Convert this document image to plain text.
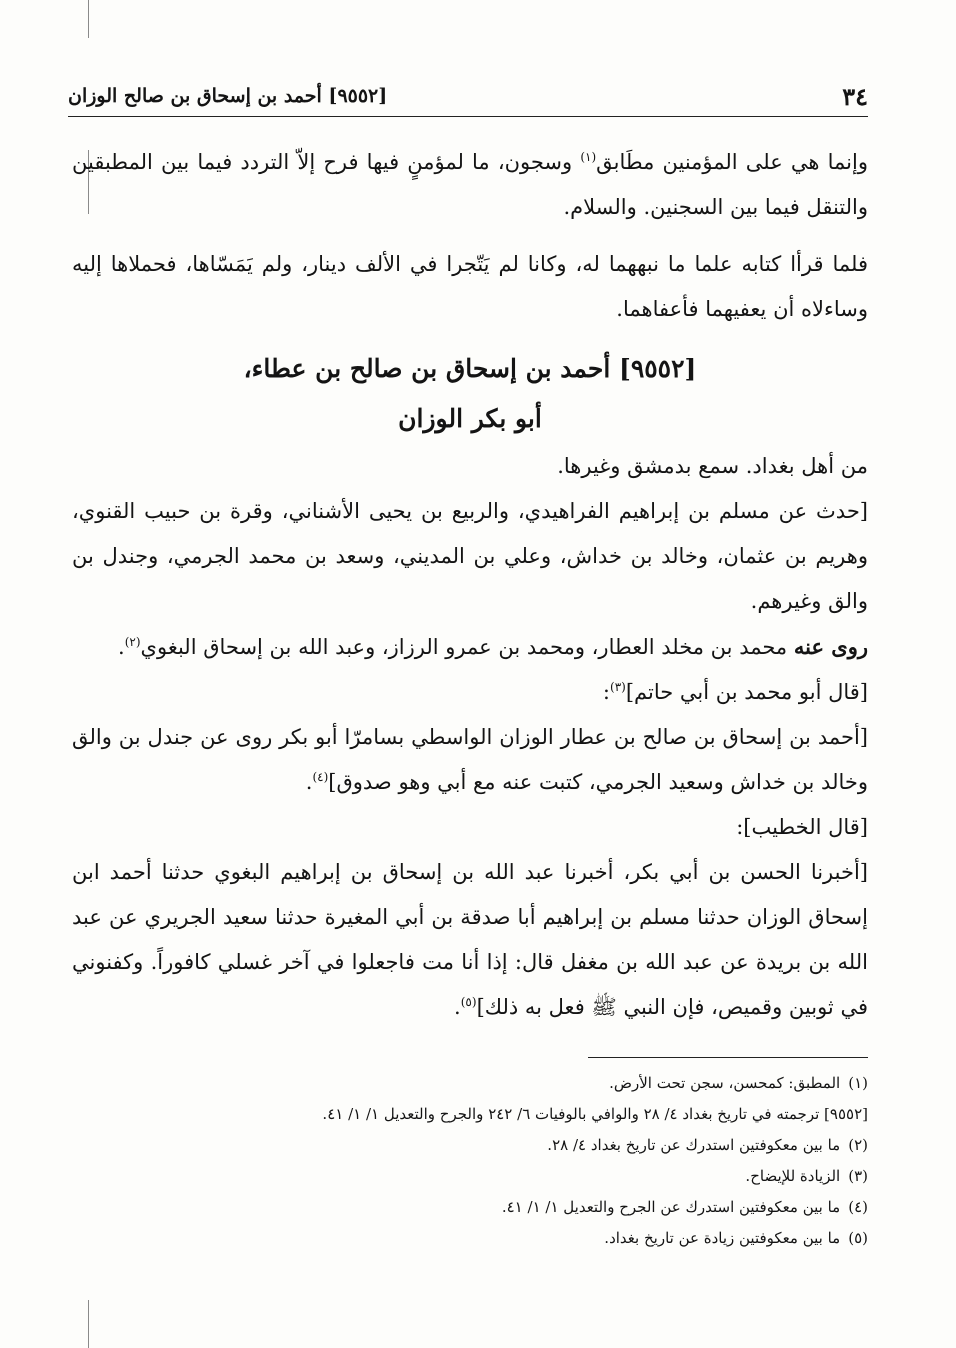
٣٤
[٩٥٥٢] أحمد بن إسحاق بن صالح الوزان

وإنما هي على المؤمنين مطَابق$^{(١)}$ وسجون، ما لمؤمنٍ فيها فرح إلاّ التردد فيما بين المطبقين والتنقل فيما بين السجنين. والسلام.

فلما قرأا كتابه علما ما نبههما له، وكانا لم يَتّجرا في الألف دينار، ولم يَمَسّاها، فحملاها إليه وساءلاه أن يعفيهما فأعفاهما.

[٩٥٥٢] أحمد بن إسحاق بن صالح بن عطاء،

أبو بكر الوزان

من أهل بغداد. سمع بدمشق وغيرها.

[حدث عن مسلم بن إبراهيم الفراهيدي، والربيع بن يحيى الأشناني، وقرة بن حبيب القنوي، وهريم بن عثمان، وخالد بن خداش، وعلي بن المديني، وسعد بن محمد الجرمي، وجندل بن والق وغيرهم.

روى عنه محمد بن مخلد العطار، ومحمد بن عمرو الرزاز، وعبد الله بن إسحاق البغوي$^{(٢)}$.

[قال أبو محمد بن أبي حاتم]$^{(٣)}$:

[أحمد بن إسحاق بن صالح بن عطار الوزان الواسطي بسامرّا أبو بكر روى عن جندل بن والق وخالد بن خداش وسعيد الجرمي، كتبت عنه مع أبي وهو صدوق]$^{(٤)}$.

[قال الخطيب]:

[أخبرنا الحسن بن أبي بكر، أخبرنا عبد الله بن إسحاق بن إبراهيم البغوي حدثنا أحمد ابن إسحاق الوزان حدثنا مسلم بن إبراهيم أبا صدقة بن أبي المغيرة حدثنا سعيد الجريري عن عبد الله بن بريدة عن عبد الله بن مغفل قال: إذا أنا مت فاجعلوا في آخر غسلي كافوراً. وكفنوني في ثوبين وقميص، فإن النبي ﷺ فعل به ذلك]$^{(٥)}$.

(١)المطبق: كمحسن، سجن تحت الأرض.

[٩٥٥٢] ترجمته في تاريخ بغداد ٤/ ٢٨ والوافي بالوفيات ٦/ ٢٤٢ والجرح والتعديل ١/ ١/ ٤١.

(٢)ما بين معكوفتين استدرك عن تاريخ بغداد ٤/ ٢٨.

(٣)الزيادة للإيضاح.

(٤)ما بين معكوفتين استدرك عن الجرح والتعديل ١/ ١/ ٤١.

(٥)ما بين معكوفتين زيادة عن تاريخ بغداد.
